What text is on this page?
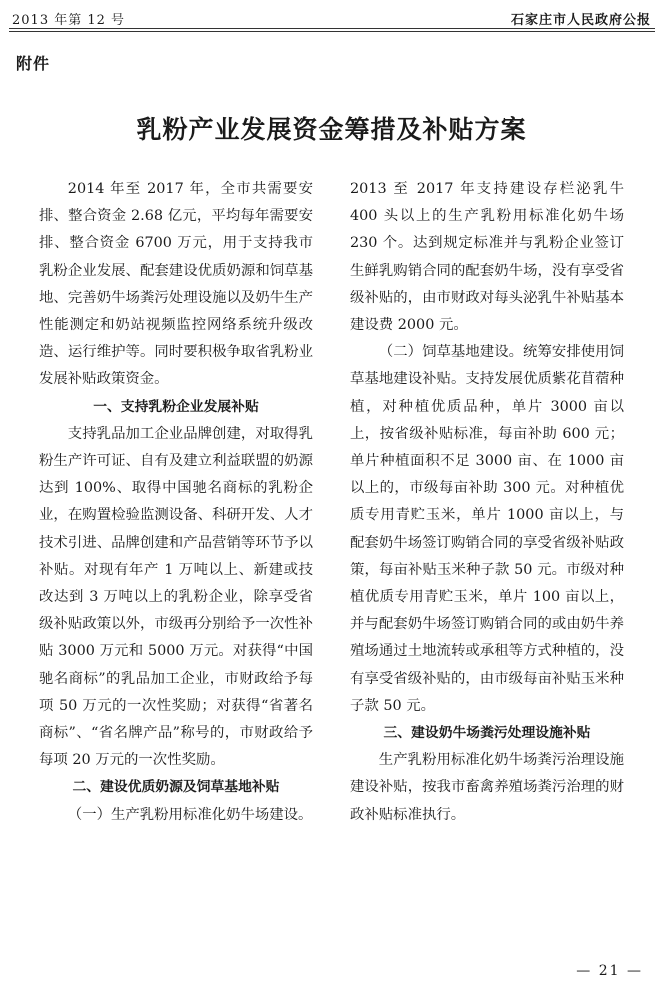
2013 年第 12 号	石家庄市人民政府公报
附件
乳粉产业发展资金筹措及补贴方案

2014 年至 2017 年，全市共需要安排、整合资金 2.68 亿元，平均每年需要安排、整合资金 6700 万元，用于支持我市乳粉企业发展、配套建设优质奶源和饲草基地、完善奶牛场粪污处理设施以及奶牛生产性能测定和奶站视频监控网络系统升级改造、运行维护等。同时要积极争取省乳粉业发展补贴政策资金。

一、支持乳粉企业发展补贴

支持乳品加工企业品牌创建，对取得乳粉生产许可证、自有及建立利益联盟的奶源达到 100%、取得中国驰名商标的乳粉企业，在购置检验监测设备、科研开发、人才技术引进、品牌创建和产品营销等环节予以补贴。对现有年产 1 万吨以上、新建或技改达到 3 万吨以上的乳粉企业，除享受省级补贴政策以外，市级再分别给予一次性补贴 3000 万元和 5000 万元。对获得“中国驰名商标”的乳品加工企业，市财政给予每项 50 万元的一次性奖励；对获得“省著名商标”、“省名牌产品”称号的，市财政给予每项 20 万元的一次性奖励。

二、建设优质奶源及饲草基地补贴

（一）生产乳粉用标准化奶牛场建设。

2013 至 2017 年支持建设存栏泌乳牛 400 头以上的生产乳粉用标准化奶牛场 230 个。达到规定标准并与乳粉企业签订生鲜乳购销合同的配套奶牛场，没有享受省级补贴的，由市财政对每头泌乳牛补贴基本建设费 2000 元。

（二）饲草基地建设。统筹安排使用饲草基地建设补贴。支持发展优质紫花苜蓿种植，对种植优质品种，单片 3000 亩以上，按省级补贴标准，每亩补助 600 元；单片种植面积不足 3000 亩、在 1000 亩以上的，市级每亩补助 300 元。对种植优质专用青贮玉米，单片 1000 亩以上，与配套奶牛场签订购销合同的享受省级补贴政策，每亩补贴玉米种子款 50 元。市级对种植优质专用青贮玉米，单片 100 亩以上，并与配套奶牛场签订购销合同的或由奶牛养殖场通过土地流转或承租等方式种植的，没有享受省级补贴的，由市级每亩补贴玉米种子款 50 元。

三、建设奶牛场粪污处理设施补贴

生产乳粉用标准化奶牛场粪污治理设施建设补贴，按我市畜禽养殖场粪污治理的财政补贴标准执行。

— 21 —
